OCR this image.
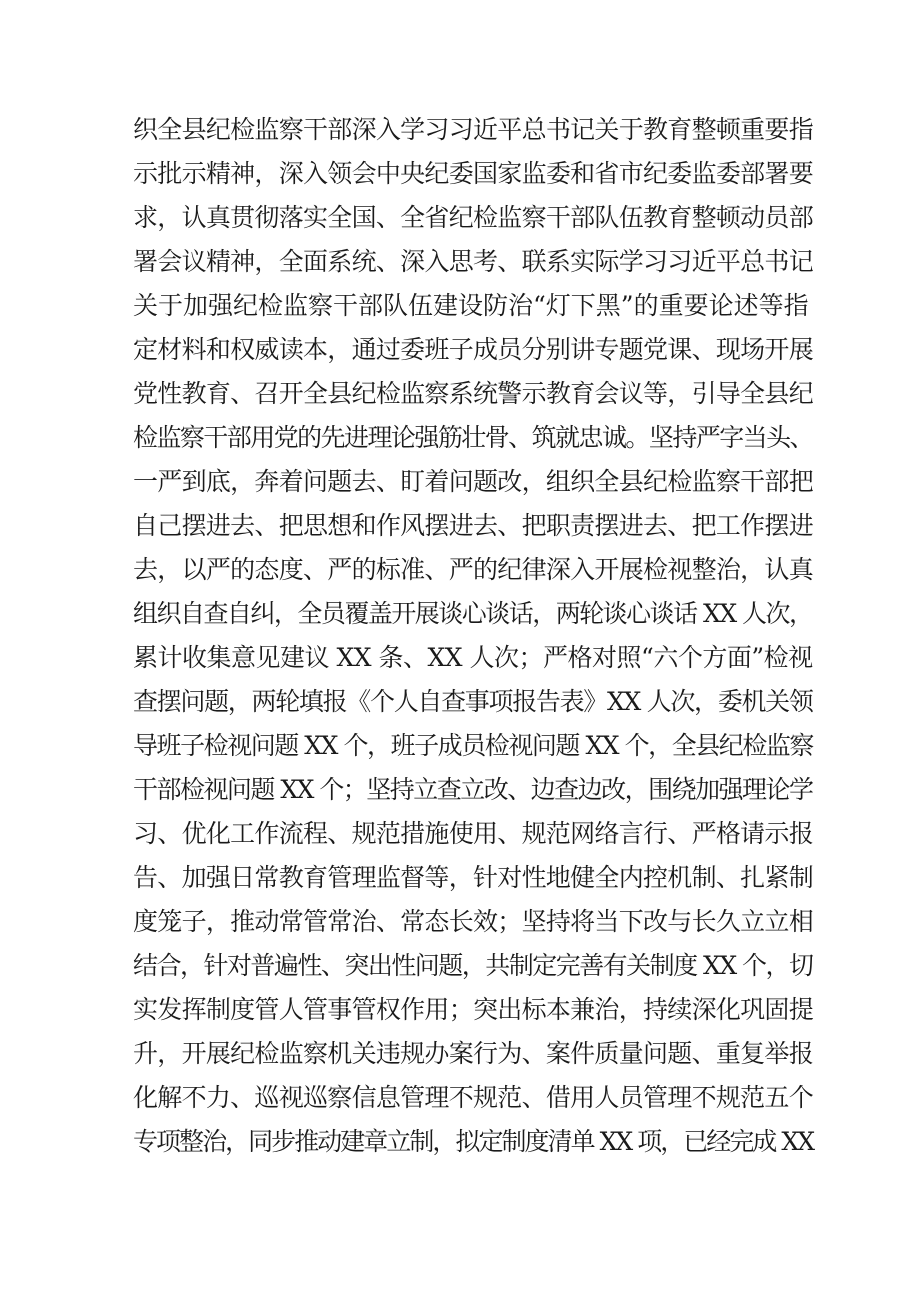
织全县纪检监察干部深入学习习近平总书记关于教育整顿重要指
示批示精神，深入领会中央纪委国家监委和省市纪委监委部署要
求，认真贯彻落实全国、全省纪检监察干部队伍教育整顿动员部
署会议精神，全面系统、深入思考、联系实际学习习近平总书记
关于加强纪检监察干部队伍建设防治“灯下黑”的重要论述等指
定材料和权威读本，通过委班子成员分别讲专题党课、现场开展
党性教育、召开全县纪检监察系统警示教育会议等，引导全县纪
检监察干部用党的先进理论强筋壮骨、筑就忠诚。坚持严字当头、
一严到底，奔着问题去、盯着问题改，组织全县纪检监察干部把
自己摆进去、把思想和作风摆进去、把职责摆进去、把工作摆进
去，以严的态度、严的标准、严的纪律深入开展检视整治，认真
组织自查自纠，全员覆盖开展谈心谈话，两轮谈心谈话 XX 人次，
累计收集意见建议 XX 条、XX 人次；严格对照“六个方面”检视
查摆问题，两轮填报《个人自查事项报告表》XX 人次，委机关领
导班子检视问题 XX 个，班子成员检视问题 XX 个，全县纪检监察
干部检视问题 XX 个；坚持立查立改、边查边改，围绕加强理论学
习、优化工作流程、规范措施使用、规范网络言行、严格请示报
告、加强日常教育管理监督等，针对性地健全内控机制、扎紧制
度笼子，推动常管常治、常态长效；坚持将当下改与长久立立相
结合，针对普遍性、突出性问题，共制定完善有关制度 XX 个，切
实发挥制度管人管事管权作用；突出标本兼治，持续深化巩固提
升，开展纪检监察机关违规办案行为、案件质量问题、重复举报
化解不力、巡视巡察信息管理不规范、借用人员管理不规范五个
专项整治，同步推动建章立制，拟定制度清单 XX 项，已经完成 XX
